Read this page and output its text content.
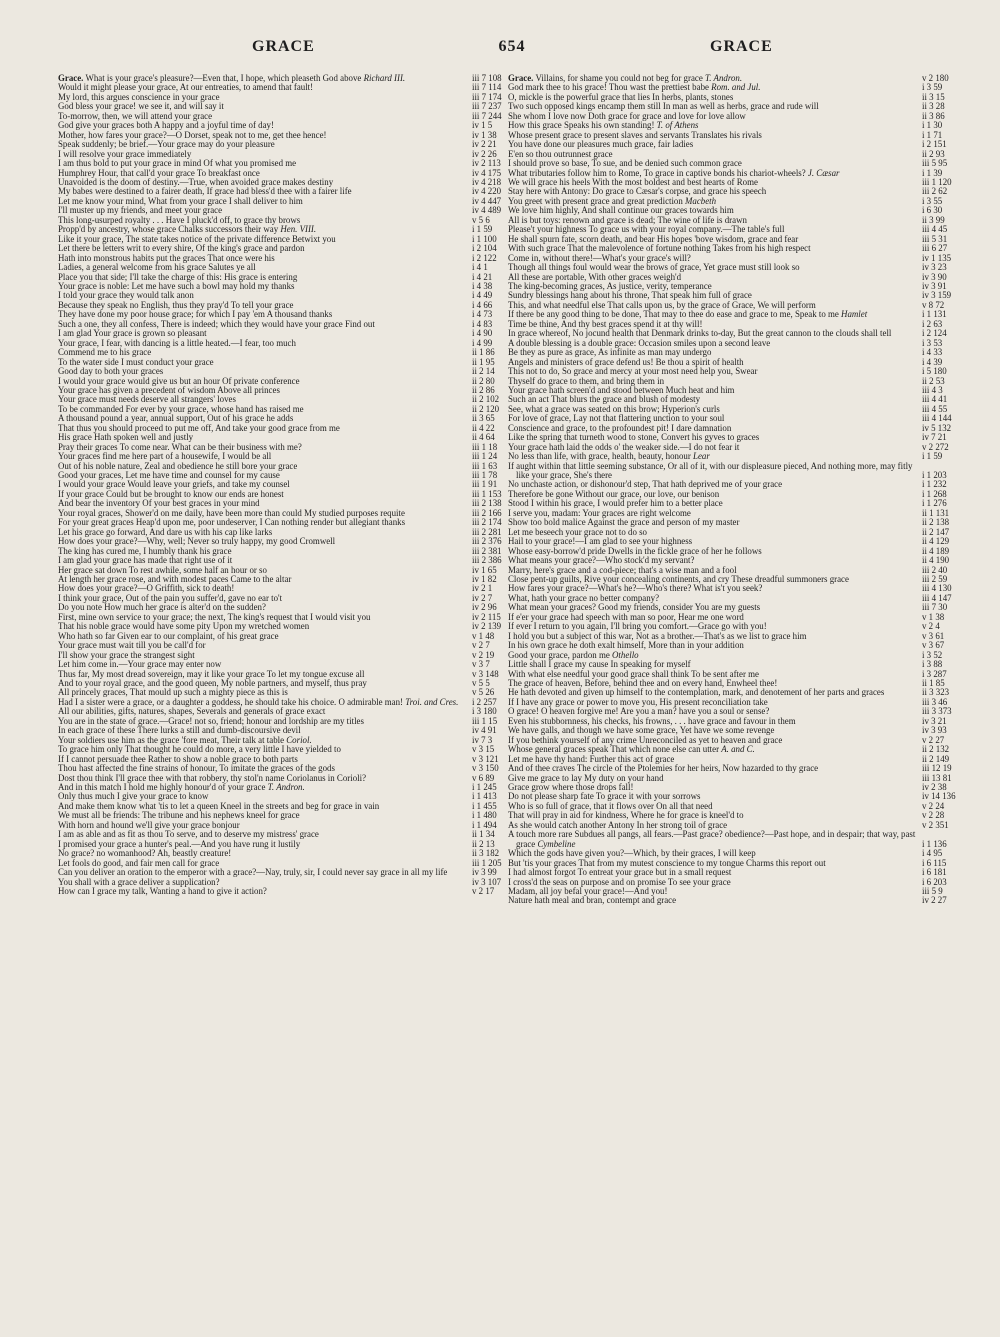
GRACE	654	GRACE
Grace. What is your grace's pleasure?—Even that, I hope, which pleaseth God above Richard III.	iii 7 108
Would it might please your grace, At our entreaties, to amend that fault!	iii 7 114
My lord, this argues conscience in your grace	iii 7 174
God bless your grace! we see it, and will say it	iii 7 237
To-morrow, then, we will attend your grace	iii 7 244
God give your graces both A happy and a joyful time of day!	iv 1 5
Mother, how fares your grace?—O Dorset, speak not to me, get thee hence!	iv 1 38
Speak suddenly; be brief.—Your grace may do your pleasure	iv 2 21
I will resolve your grace immediately	iv 2 26
I am thus bold to put your grace in mind Of what you promised me	iv 2 113
Humphrey Hour, that call'd your grace To breakfast once	iv 4 175
Unavoided is the doom of destiny.—True, when avoided grace makes destiny	iv 4 218
My babes were destined to a fairer death, If grace had bless'd thee with a fairer life	iv 4 220
Let me know your mind, What from your grace I shall deliver to him	iv 4 447
I'll muster up my friends, and meet your grace	iv 4 489
This long-usurped royalty . . . Have I pluck'd off, to grace thy brows	v 5 6
Propp'd by ancestry, whose grace Chalks successors their way Hen. VIII.	i 1 59
Like it your grace, The state takes notice of the private difference Betwixt you	i 1 100
Let there be letters writ to every shire, Of the king's grace and pardon	i 2 104
Hath into monstrous habits put the graces That once were his	i 2 122
Ladies, a general welcome from his grace Salutes ye all	i 4 1
Place you that side; I'll take the charge of this: His grace is entering	i 4 21
Your grace is noble: Let me have such a bowl may hold my thanks	i 4 38
I told your grace they would talk anon	i 4 49
Because they speak no English, thus they pray'd To tell your grace	i 4 66
They have done my poor house grace; for which I pay 'em A thousand thanks	i 4 73
Such a one, they all confess, There is indeed; which they would have your grace Find out	i 4 83
I am glad Your grace is grown so pleasant	i 4 90
Your grace, I fear, with dancing is a little heated.—I fear, too much	i 4 99
Commend me to his grace	ii 1 86
To the water side I must conduct your grace	ii 1 95
Good day to both your graces	ii 2 14
I would your grace would give us but an hour Of private conference	ii 2 80
Your grace has given a precedent of wisdom Above all princes	ii 2 86
Your grace must needs deserve all strangers' loves	ii 2 102
To be commanded For ever by your grace, whose hand has raised me	ii 2 120
A thousand pound a year, annual support, Out of his grace he adds	ii 3 65
That thus you should proceed to put me off, And take your good grace from me	ii 4 22
His grace Hath spoken well and justly	ii 4 64
Pray their graces To come near. What can be their business with me?	iii 1 18
Your graces find me here part of a housewife, I would be all	iii 1 24
Out of his noble nature, Zeal and obedience he still bore your grace	iii 1 63
Good your graces, Let me have time and counsel for my cause	iii 1 78
I would your grace Would leave your griefs, and take my counsel	iii 1 91
If your grace Could but be brought to know our ends are honest	iii 1 153
And bear the inventory Of your best graces in your mind	iii 2 138
Your royal graces, Shower'd on me daily, have been more than could My studied purposes requite	iii 2 166
For your great graces Heap'd upon me, poor undeserver, I Can nothing render but allegiant thanks	iii 2 174
Let his grace go forward, And dare us with his cap like larks	iii 2 281
How does your grace?—Why, well; Never so truly happy, my good Cromwell	iii 2 376
The king has cured me, I humbly thank his grace	iii 2 381
I am glad your grace has made that right use of it	iii 2 386
Her grace sat down To rest awhile, some half an hour or so	iv 1 65
At length her grace rose, and with modest paces Came to the altar	iv 1 82
How does your grace?—O Griffith, sick to death!	iv 2 1
I think your grace, Out of the pain you suffer'd, gave no ear to't	iv 2 7
Do you note How much her grace is alter'd on the sudden?	iv 2 96
First, mine own service to your grace; the next, The king's request that I would visit you	iv 2 115
That his noble grace would have some pity Upon my wretched women	iv 2 139
Who hath so far Given ear to our complaint, of his great grace	v 1 48
Your grace must wait till you be call'd for	v 2 7
I'll show your grace the strangest sight	v 2 19
Let him come in.—Your grace may enter now	v 3 7
Thus far, My most dread sovereign, may it like your grace To let my tongue excuse all	v 3 148
And to your royal grace, and the good queen, My noble partners, and myself, thus pray	v 5 5
All princely graces, That mould up such a mighty piece as this is	v 5 26
Had I a sister were a grace, or a daughter a goddess, he should take his choice. O admirable man! Troi. and Cres. i 2 257
All our abilities, gifts, natures, shapes, Severals and generals of grace exact	i 3 180
You are in the state of grace.—Grace! not so, friend; honour and lordship are my titles	iii 1 15
In each grace of these There lurks a still and dumb-discoursive devil	iv 4 91
Your soldiers use him as the grace 'fore meat, Their talk at table Coriol.	iv 7 3
To grace him only That thought he could do more, a very little I have yielded to	v 3 15
If I cannot persuade thee Rather to show a noble grace to both parts	v 3 121
Thou hast affected the fine strains of honour, To imitate the graces of the gods	v 3 150
Dost thou think I'll grace thee with that robbery, thy stol'n name Coriolanus in Corioli?	v 6 89
And in this match I hold me highly honour'd of your grace T. Andron.	i 1 245
Only thus much I give your grace to know	i 1 413
And make them know what 'tis to let a queen Kneel in the streets and beg for grace in vain	i 1 455
We must all be friends: The tribune and his nephews kneel for grace	i 1 480
With horn and hound we'll give your grace bonjour	i 1 494
I am as able and as fit as thou To serve, and to deserve my mistress' grace	ii 1 34
I promised your grace a hunter's peal.—And you have rung it lustily	ii 2 13
No grace? no womanhood? Ah, beastly creature!	ii 3 182
Let fools do good, and fair men call for grace	iii 1 205
Can you deliver an oration to the emperor with a grace?—Nay, truly, sir, I could never say grace in all my life	iv 3 99
You shall with a grace deliver a supplication?	iv 3 107
How can I grace my talk, Wanting a hand to give it action?	v 2 17
Grace. Villains, for shame you could not beg for grace T. Andron.	v 2 180
God mark thee to his grace! Thou wast the prettiest babe Rom. and Jul.	i 3 59
O, mickle is the powerful grace that lies In herbs, plants, stones	ii 3 15
Two such opposed kings encamp them still In man as well as herbs, grace and rude will	ii 3 28
She whom I love now Doth grace for grace and love for love allow	ii 3 86
How this grace Speaks his own standing! T. of Athens	i 1 30
Whose present grace to present slaves and servants Translates his rivals	i 1 71
You have done our pleasures much grace, fair ladies	i 2 151
E'en so thou outrunnest grace	ii 2 93
I should prove so base, To sue, and be denied such common grace	iii 5 95
What tributaries follow him to Rome, To grace in captive bonds his chariot-wheels? J. Cæsar	i 1 39
We will grace his heels With the most boldest and best hearts of Rome	iii 1 120
Stay here with Antony: Do grace to Cæsar's corpse, and grace his speech	iii 2 62
You greet with present grace and great prediction Macbeth	i 3 55
We love him highly, And shall continue our graces towards him	i 6 30
All is but toys: renown and grace is dead; The wine of life is drawn	ii 3 99
Please't your highness To grace us with your royal company.—The table's full	iii 4 45
He shall spurn fate, scorn death, and bear His hopes 'bove wisdom, grace and fear	iii 5 31
With such grace That the malevolence of fortune nothing Takes from his high respect	iii 6 27
Come in, without there!—What's your grace's will?	iv 1 135
Though all things foul would wear the brows of grace, Yet grace must still look so	iv 3 23
All these are portable, With other graces weigh'd	iv 3 90
The king-becoming graces, As justice, verity, temperance	iv 3 91
Sundry blessings hang about his throne, That speak him full of grace	iv 3 159
This, and what needful else That calls upon us, by the grace of Grace, We will perform	v 8 72
If there be any good thing to be done, That may to thee do ease and grace to me, Speak to me Hamlet	i 1 131
Time be thine, And thy best graces spend it at thy will!	i 2 63
In grace whereof, No jocund health that Denmark drinks to-day, But the great cannon to the clouds shall tell	i 2 124
A double blessing is a double grace: Occasion smiles upon a second leave	i 3 53
Be they as pure as grace, As infinite as man may undergo	i 4 33
Angels and ministers of grace defend us! Be thou a spirit of health	i 4 39
This not to do, So grace and mercy at your most need help you, Swear	i 5 180
Thyself do grace to them, and bring them in	ii 2 53
Your grace hath screen'd and stood between Much heat and him	iii 4 3
Such an act That blurs the grace and blush of modesty	iii 4 41
See, what a grace was seated on this brow; Hyperion's curls	iii 4 55
For love of grace, Lay not that flattering unction to your soul	iii 4 144
Conscience and grace, to the profoundest pit! I dare damnation	iv 5 132
Like the spring that turneth wood to stone, Convert his gyves to graces	iv 7 21
Your grace hath laid the odds o' the weaker side.—I do not fear it	v 2 272
No less than life, with grace, health, beauty, honour Lear	i 1 59
If aught within that little seeming substance, Or all of it, with our displeasure pieced, And nothing more, may fitly like your grace, She's there	i 1 203
No unchaste action, or dishonour'd step, That hath deprived me of your grace	i 1 232
Therefore be gone Without our grace, our love, our benison	i 1 268
Stood I within his grace, I would prefer him to a better place	i 1 276
I serve you, madam: Your graces are right welcome	ii 1 131
Show too bold malice Against the grace and person of my master	ii 2 138
Let me beseech your grace not to do so	ii 2 147
Hail to your grace!—I am glad to see your highness	ii 4 129
Whose easy-borrow'd pride Dwells in the fickle grace of her he follows	ii 4 189
What means your grace?—Who stock'd my servant?	ii 4 190
Marry, here's grace and a cod-piece; that's a wise man and a fool	iii 2 40
Close pent-up guilts, Rive your concealing continents, and cry These dreadful summoners grace	iii 2 59
How fares your grace?—What's he?—Who's there? What is't you seek?	iii 4 130
What, hath your grace no better company?	iii 4 147
What mean your graces? Good my friends, consider You are my guests	iii 7 30
If e'er your grace had speech with man so poor, Hear me one word	v 1 38
If ever I return to you again, I'll bring you comfort.—Grace go with you!	v 2 4
I hold you but a subject of this war, Not as a brother.—That's as we list to grace him	v 3 61
In his own grace he doth exalt himself, More than in your addition	v 3 67
Good your grace, pardon me Othello	i 3 52
Little shall I grace my cause In speaking for myself	i 3 88
With what else needful your good grace shall think To be sent after me	i 3 287
The grace of heaven, Before, behind thee and on every hand, Enwheel thee!	ii 1 85
He hath devoted and given up himself to the contemplation, mark, and denotement of her parts and graces	ii 3 323
If I have any grace or power to move you, His present reconciliation take	iii 3 46
O grace! O heaven forgive me! Are you a man? have you a soul or sense?	iii 3 373
Even his stubbornness, his checks, his frowns, . . . have grace and favour in them	iv 3 21
We have galls, and though we have some grace, Yet have we some revenge	iv 3 93
If you bethink yourself of any crime Unreconciled as yet to heaven and grace	v 2 27
Whose general graces speak That which none else can utter A. and C.	ii 2 132
Let me have thy hand: Further this act of grace	ii 2 149
And of thee craves The circle of the Ptolemies for her heirs, Now hazarded to thy grace	iii 12 19
Give me grace to lay My duty on your hand	iii 13 81
Grace grow where those drops fall!	iv 2 38
Do not please sharp fate To grace it with your sorrows	iv 14 136
Who is so full of grace, that it flows over On all that need	v 2 24
That will pray in aid for kindness, Where he for grace is kneel'd to	v 2 28
As she would catch another Antony In her strong toil of grace	v 2 351
A touch more rare Subdues all pangs, all fears.—Past grace? obedience?—Past hope, and in despair; that way, past grace Cymbeline	i 1 136
Which the gods have given you?—Which, by their graces, I will keep	i 4 95
But 'tis your graces That from my mutest conscience to my tongue Charms this report out	i 6 115
I had almost forgot To entreat your grace but in a small request	i 6 181
I cross'd the seas on purpose and on promise To see your grace	i 6 203
Madam, all joy befal your grace!—And you!	iii 5 9
Nature hath meal and bran, contempt and grace	iv 2 27
